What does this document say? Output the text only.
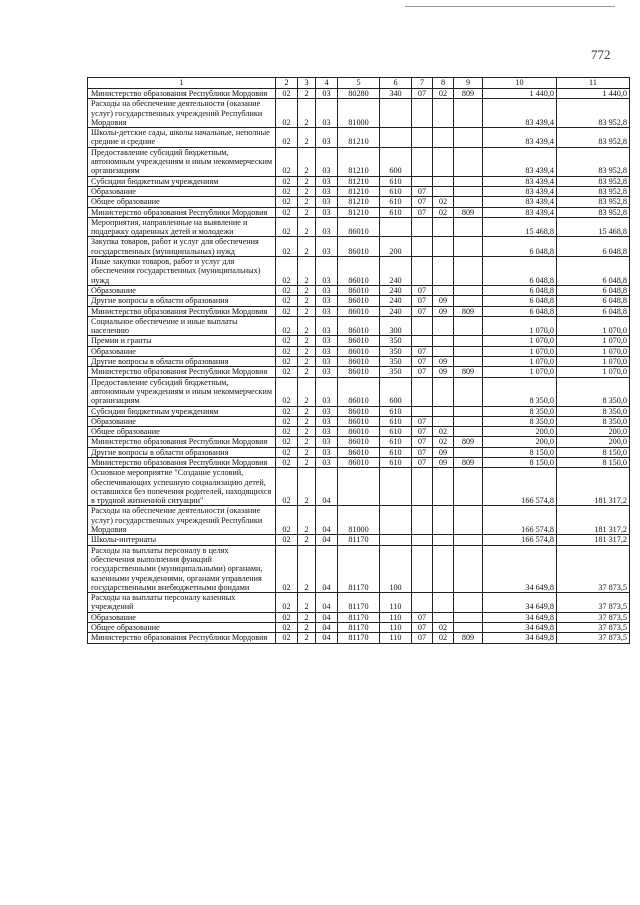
772
1	2	3	4	5	6	7	8	9	10	11
Министерство образования Республики Мордовия	02	2	03	80280	340	07	02	809	1 440,0	1 440,0
Расходы на обеспечение деятельности (оказание услуг) государственных учреждений Республики Мордовия	02	2	03	81000					83 439,4	83 952,8
Школы-детские сады, школы начальные, неполные средние и средние	02	2	03	81210					83 439,4	83 952,8
Предоставление субсидий бюджетным, автономным учреждениям и иным некоммерческим организациям	02	2	03	81210	600				83 439,4	83 952,8
Субсидии бюджетным учреждениям	02	2	03	81210	610				83 439,4	83 952,8
Образование	02	2	03	81210	610	07			83 439,4	83 952,8
Общее образование	02	2	03	81210	610	07	02		83 439,4	83 952,8
Министерство образования Республики Мордовия	02	2	03	81210	610	07	02	809	83 439,4	83 952,8
Мероприятия, направленные на выявление и поддержку одаренных детей и молодежи	02	2	03	86010					15 468,8	15 468,8
Закупка товаров, работ и услуг для обеспечения государственных (муниципальных) нужд	02	2	03	86010	200				6 048,8	6 048,8
Иные закупки товаров, работ и услуг для обеспечения государственных (муниципальных) нужд	02	2	03	86010	240				6 048,8	6 048,8
Образование	02	2	03	86010	240	07			6 048,8	6 048,8
Другие вопросы в области образования	02	2	03	86010	240	07	09		6 048,8	6 048,8
Министерство образования Республики Мордовия	02	2	03	86010	240	07	09	809	6 048,8	6 048,8
Социальное обеспечение и иные выплаты населению	02	2	03	86010	300				1 070,0	1 070,0
Премии и гранты	02	2	03	86010	350				1 070,0	1 070,0
Образование	02	2	03	86010	350	07			1 070,0	1 070,0
Другие вопросы в области образования	02	2	03	86010	350	07	09		1 070,0	1 070,0
Министерство образования Республики Мордовия	02	2	03	86010	350	07	09	809	1 070,0	1 070,0
Предоставление субсидий бюджетным, автономным учреждениям и иным некоммерческим организациям	02	2	03	86010	600				8 350,0	8 350,0
Субсидии бюджетным учреждениям	02	2	03	86010	610				8 350,0	8 350,0
Образование	02	2	03	86010	610	07			8 350,0	8 350,0
Общее образование	02	2	03	86010	610	07	02		200,0	200,0
Министерство образования Республики Мордовия	02	2	03	86010	610	07	02	809	200,0	200,0
Другие вопросы в области образования	02	2	03	86010	610	07	09		8 150,0	8 150,0
Министерство образования Республики Мордовия	02	2	03	86010	610	07	09	809	8 150,0	8 150,0
Основное мероприятие "Создание условий, обеспечивающих успешную социализацию детей, оставшихся без попечения родителей, находящихся в трудной жизненной ситуации"	02	2	04						166 574,8	181 317,2
Расходы на обеспечение деятельности (оказание услуг) государственных учреждений Республики Мордовия	02	2	04	81000					166 574,8	181 317,2
Школы-интернаты	02	2	04	81170					166 574,8	181 317,2
Расходы на выплаты персоналу в целях обеспечения выполнения функций государственными (муниципальными) органами, казенными учреждениями, органами управления государственными внебюджетными фондами	02	2	04	81170	100				34 649,8	37 873,5
Расходы на выплаты персоналу казенных учреждений	02	2	04	81170	110				34 649,8	37 873,5
Образование	02	2	04	81170	110	07			34 649,8	37 873,5
Общее образование	02	2	04	81170	110	07	02		34 649,8	37 873,5
Министерство образования Республики Мордовия	02	2	04	81170	110	07	02	809	34 649,8	37 873,5
